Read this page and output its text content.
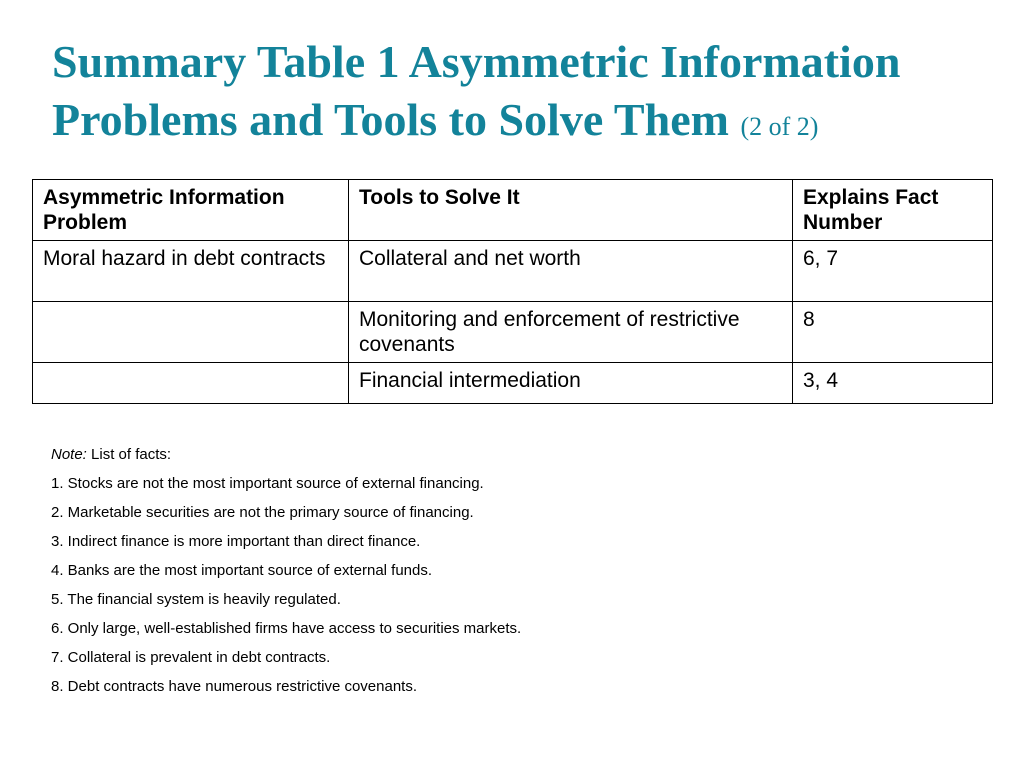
Summary Table 1 Asymmetric Information Problems and Tools to Solve Them (2 of 2)
Asymmetric Information Problem	Tools to Solve It	Explains Fact Number
Moral hazard in debt contracts	Collateral and net worth	6, 7
	Monitoring and enforcement of restrictive covenants	8
	Financial intermediation	3, 4
Note: List of facts:
1. Stocks are not the most important source of external financing.
2. Marketable securities are not the primary source of financing.
3. Indirect finance is more important than direct finance.
4. Banks are the most important source of external funds.
5. The financial system is heavily regulated.
6. Only large, well-established firms have access to securities markets.
7. Collateral is prevalent in debt contracts.
8. Debt contracts have numerous restrictive covenants.
